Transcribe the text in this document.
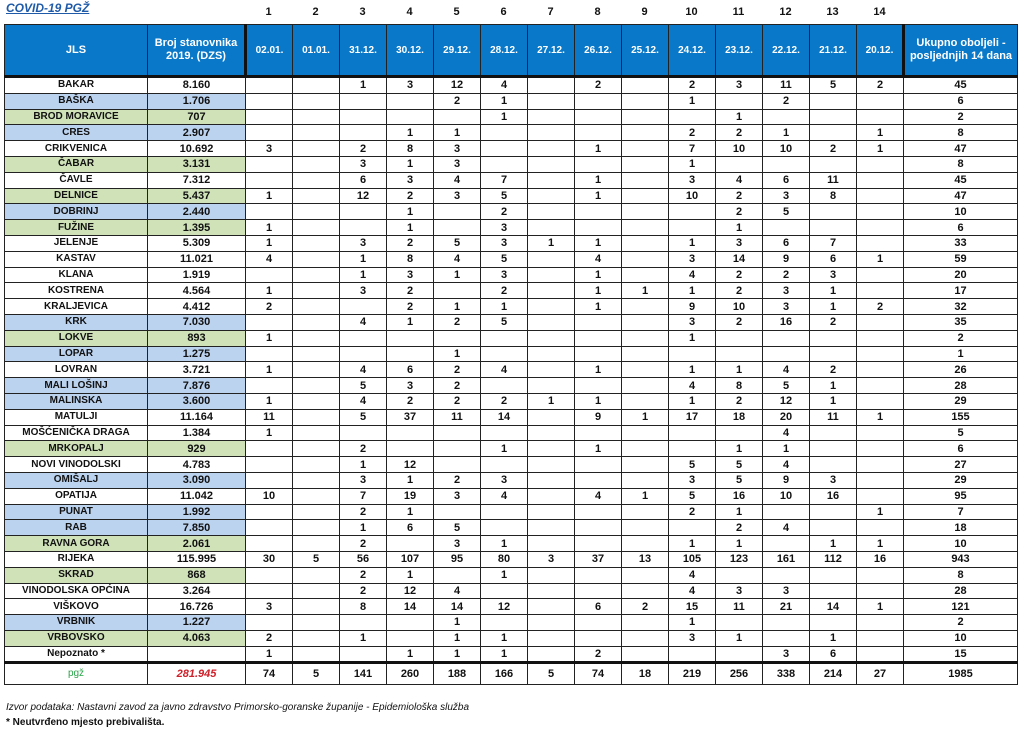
COVID-19 PGŽ	1	2	3	4	5	6	7	8	9	10	11	12	13	14
JLS	Broj stanovnika 2019. (DZS)	02.01.	01.01.	31.12.	30.12.	29.12.	28.12.	27.12.	26.12.	25.12.	24.12.	23.12.	22.12.	21.12.	20.12.	Ukupno oboljeli - posljednjih 14 dana
BAKAR	8.160			1	3	12	4		2		2	3	11	5	2	45
BAŠKA	1.706					2	1				1		2			6
BROD MORAVICE	707						1					1				2
CRES	2.907				1	1					2	2	1		1	8
CRIKVENICA	10.692	3		2	8	3			1		7	10	10	2	1	47
ČABAR	3.131			3	1	3					1					8
ČAVLE	7.312			6	3	4	7		1		3	4	6	11		45
DELNICE	5.437	1		12	2	3	5		1		10	2	3	8		47
DOBRINJ	2.440				1		2					2	5			10
FUŽINE	1.395	1			1		3					1				6
JELENJE	5.309	1		3	2	5	3	1	1		1	3	6	7		33
KASTAV	11.021	4		1	8	4	5		4		3	14	9	6	1	59
KLANA	1.919			1	3	1	3		1		4	2	2	3		20
KOSTRENA	4.564	1		3	2		2		1	1	1	2	3	1		17
KRALJEVICA	4.412	2			2	1	1		1		9	10	3	1	2	32
KRK	7.030			4	1	2	5				3	2	16	2		35
LOKVE	893	1									1					2
LOPAR	1.275					1										1
LOVRAN	3.721	1		4	6	2	4		1		1	1	4	2		26
MALI LOŠINJ	7.876			5	3	2					4	8	5	1		28
MALINSKA	3.600	1		4	2	2	2	1	1		1	2	12	1		29
MATULJI	11.164	11		5	37	11	14		9	1	17	18	20	11	1	155
MOŠĆENIČKA DRAGA	1.384	1											4			5
MRKOPALJ	929			2			1		1			1	1			6
NOVI VINODOLSKI	4.783			1	12						5	5	4			27
OMIŠALJ	3.090			3	1	2	3				3	5	9	3		29
OPATIJA	11.042	10		7	19	3	4		4	1	5	16	10	16		95
PUNAT	1.992			2	1						2	1			1	7
RAB	7.850			1	6	5						2	4			18
RAVNA GORA	2.061			2		3	1				1	1		1	1	10
RIJEKA	115.995	30	5	56	107	95	80	3	37	13	105	123	161	112	16	943
SKRAD	868			2	1		1				4					8
VINODOLSKA OPĆINA	3.264			2	12	4					4	3	3			28
VIŠKOVO	16.726	3		8	14	14	12		6	2	15	11	21	14	1	121
VRBNIK	1.227					1					1					2
VRBOVSKO	4.063	2		1		1	1				3	1		1		10
Nepoznato *		1			1	1	1		2				3	6		15
pgž	281.945	74	5	141	260	188	166	5	74	18	219	256	338	214	27	1985
Izvor podataka: Nastavni zavod za javno zdravstvo Primorsko-goranske županije - Epidemiološka služba
* Neutvrđeno mjesto prebivališta.
